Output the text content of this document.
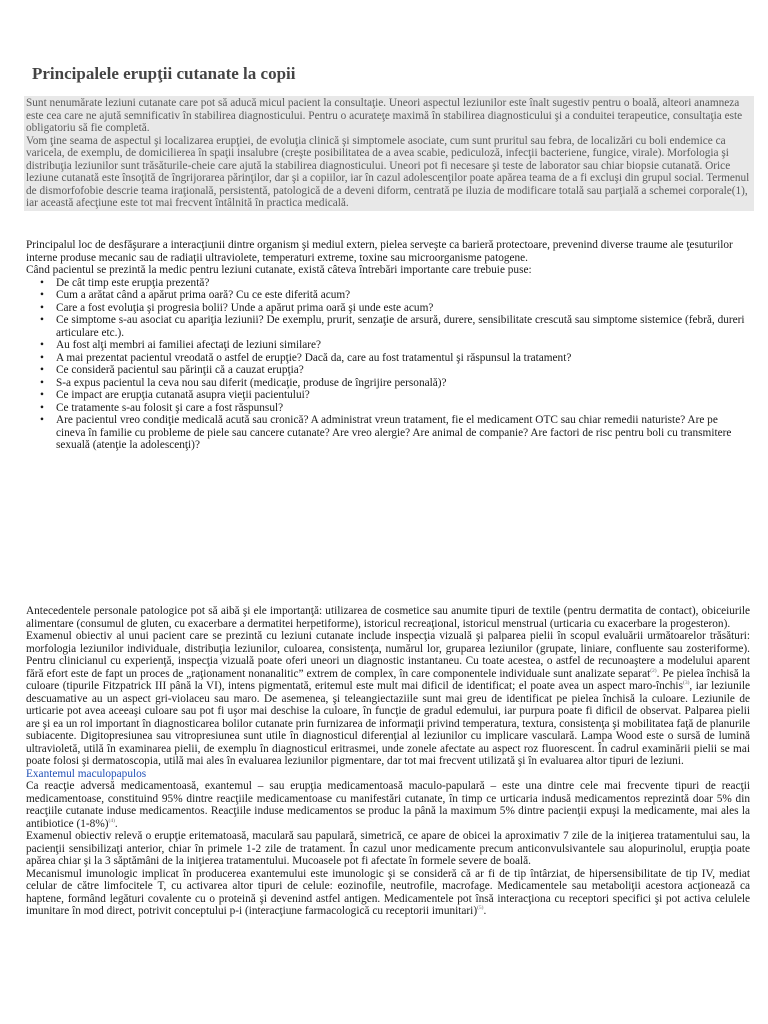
Principalele erupţii cutanate la copii

Sunt nenumărate leziuni cutanate care pot să aducă micul pacient la consultaţie. Uneori aspectul leziunilor este înalt sugestiv pentru o boală, alteori anamneza este cea care ne ajută semnificativ în stabilirea diagnosticului. Pentru o acurateţe maximă în stabilirea diagnosticului şi a conduitei terapeutice, consultaţia este obligatoriu să fie completă.

Vom ţine seama de aspectul şi localizarea erupţiei, de evoluţia clinică şi simptomele asociate, cum sunt pruritul sau febra, de localizări cu boli endemice ca varicela, de exemplu, de domicilierea în spaţii insalubre (creşte posibilitatea de a avea scabie, pediculoză, infecţii bacteriene, fungice, virale). Morfologia şi distribuţia leziunilor sunt trăsăturile-cheie care ajută la stabilirea diagnosticului. Uneori pot fi necesare şi teste de laborator sau chiar biopsie cutanată. Orice leziune cutanată este însoţită de îngrijorarea părinţilor, dar şi a copiilor, iar în cazul adolescenţilor poate apărea teama de a fi excluşi din grupul social. Termenul de dismorfofobie descrie teama iraţională, persistentă, patologică de a deveni diform, centrată pe iluzia de modificare totală sau parţială a schemei corporale(1), iar această afecţiune este tot mai frecvent întâlnită în practica medicală.

Principalul loc de desfăşurare a interacţiunii dintre organism şi mediul extern, pielea serveşte ca barieră protectoare, prevenind diverse traume ale ţesuturilor interne produse mecanic sau de radiaţii ultraviolete, temperaturi extreme, toxine sau microorganisme patogene.

Când pacientul se prezintă la medic pentru leziuni cutanate, există câteva întrebări importante care trebuie puse:

• De cât timp este erupţia prezentă?
• Cum a arătat când a apărut prima oară? Cu ce este diferită acum?
• Care a fost evoluţia şi progresia bolii? Unde a apărut prima oară şi unde este acum?
• Ce simptome s-au asociat cu apariţia leziunii? De exemplu, prurit, senzaţie de arsură, durere, sensibilitate crescută sau simptome sistemice (febră, dureri articulare etc.).
• Au fost alţi membri ai familiei afectaţi de leziuni similare?
• A mai prezentat pacientul vreodată o astfel de erupţie? Dacă da, care au fost tratamentul şi răspunsul la tratament?
• Ce consideră pacientul sau părinţii că a cauzat erupţia?
• S-a expus pacientul la ceva nou sau diferit (medicaţie, produse de îngrijire personală)?
• Ce impact are erupţia cutanată asupra vieţii pacientului?
• Ce tratamente s-au folosit şi care a fost răspunsul?
• Are pacientul vreo condiţie medicală acută sau cronică? A administrat vreun tratament, fie el medicament OTC sau chiar remedii naturiste? Are pe cineva în familie cu probleme de piele sau cancere cutanate? Are vreo alergie? Are animal de companie? Are factori de risc pentru boli cu transmitere sexuală (atenţie la adolescenţi)?

Antecedentele personale patologice pot să aibă şi ele importanţă: utilizarea de cosmetice sau anumite tipuri de textile (pentru dermatita de contact), obiceiurile alimentare (consumul de gluten, cu exacerbare a dermatitei herpetiforme), istoricul recreaţional, istoricul menstrual (urticaria cu exacerbare la progesteron).

Examenul obiectiv al unui pacient care se prezintă cu leziuni cutanate include inspecţia vizuală şi palparea pielii în scopul evaluării următoarelor trăsături: morfologia leziunilor individuale, distribuţia leziunilor, culoarea, consistenţa, numărul lor, gruparea leziunilor (grupate, liniare, confluente sau zosteriforme). Pentru clinicianul cu experienţă, inspecţia vizuală poate oferi uneori un diagnostic instantaneu. Cu toate acestea, o astfel de recunoaştere a modelului aparent fără efort este de fapt un proces de „raţionament nonanalitic” extrem de complex, în care componentele individuale sunt analizate separat$^{(2)}$. Pe pielea închisă la culoare (tipurile Fitzpatrick III până la VI), intens pigmentată, eritemul este mult mai dificil de identificat; el poate avea un aspect maro-închis$^{(3)}$, iar leziunile descuamative au un aspect gri-violaceu sau maro. De asemenea, şi teleangiectaziile sunt mai greu de identificat pe pielea închisă la culoare. Leziunile de urticarie pot avea aceeaşi culoare sau pot fi uşor mai deschise la culoare, în funcţie de gradul edemului, iar purpura poate fi dificil de observat. Palparea pielii are şi ea un rol important în diagnosticarea bolilor cutanate prin furnizarea de informaţii privind temperatura, textura, consistenţa şi mobilitatea faţă de planurile subiacente. Digitopresiunea sau vitropresiunea sunt utile în diagnosticul diferenţial al leziunilor cu implicare vasculară. Lampa Wood este o sursă de lumină ultravioletă, utilă în examinarea pielii, de exemplu în diagnosticul eritrasmei, unde zonele afectate au aspect roz fluorescent. În cadrul examinării pielii se mai poate folosi şi dermatoscopia, utilă mai ales în evaluarea leziunilor pigmentare, dar tot mai frecvent utilizată şi în evaluarea altor tipuri de leziuni.

Exantemul maculopapulos

Ca reacţie adversă medicamentoasă, exantemul – sau erupţia medicamentoasă maculo-papulară – este una dintre cele mai frecvente tipuri de reacţii medicamentoase, constituind 95% dintre reacţiile medicamentoase cu manifestări cutanate, în timp ce urticaria indusă medicamentos reprezintă doar 5% din reacţiile cutanate induse medicamentos. Reacţiile induse medicamentos se produc la până la maximum 5% dintre pacienţii expuşi la medicamente, mai ales la antibiotice $(1-8\%)^{(4)}$.

Examenul obiectiv relevă o erupţie eritematoasă, maculară sau papulară, simetrică, ce apare de obicei la aproximativ 7 zile de la iniţierea tratamentului sau, la pacienţii sensibilizaţi anterior, chiar în primele 1-2 zile de tratament. În cazul unor medicamente precum anticonvulsivantele sau alopurinolul, erupţia poate apărea chiar şi la 3 săptămâni de la iniţierea tratamentului. Mucoasele pot fi afectate în formele severe de boală.

Mecanismul imunologic implicat în producerea exantemului este imunologic şi se consideră că ar fi de tip întârziat, de hipersensibilitate de tip IV, mediat celular de către limfocitele T, cu activarea altor tipuri de celule: eozinofile, neutrofile, macrofage. Medicamentele sau metaboliţii acestora acţionează ca haptene, formând legături covalente cu o proteină şi devenind astfel antigen. Medicamentele pot însă interacţiona cu receptori specifici şi pot activa celulele imunitare în mod direct, potrivit conceptului p-i (interacţiune farmacologică cu receptorii imunitari)$^{(5)}$.
